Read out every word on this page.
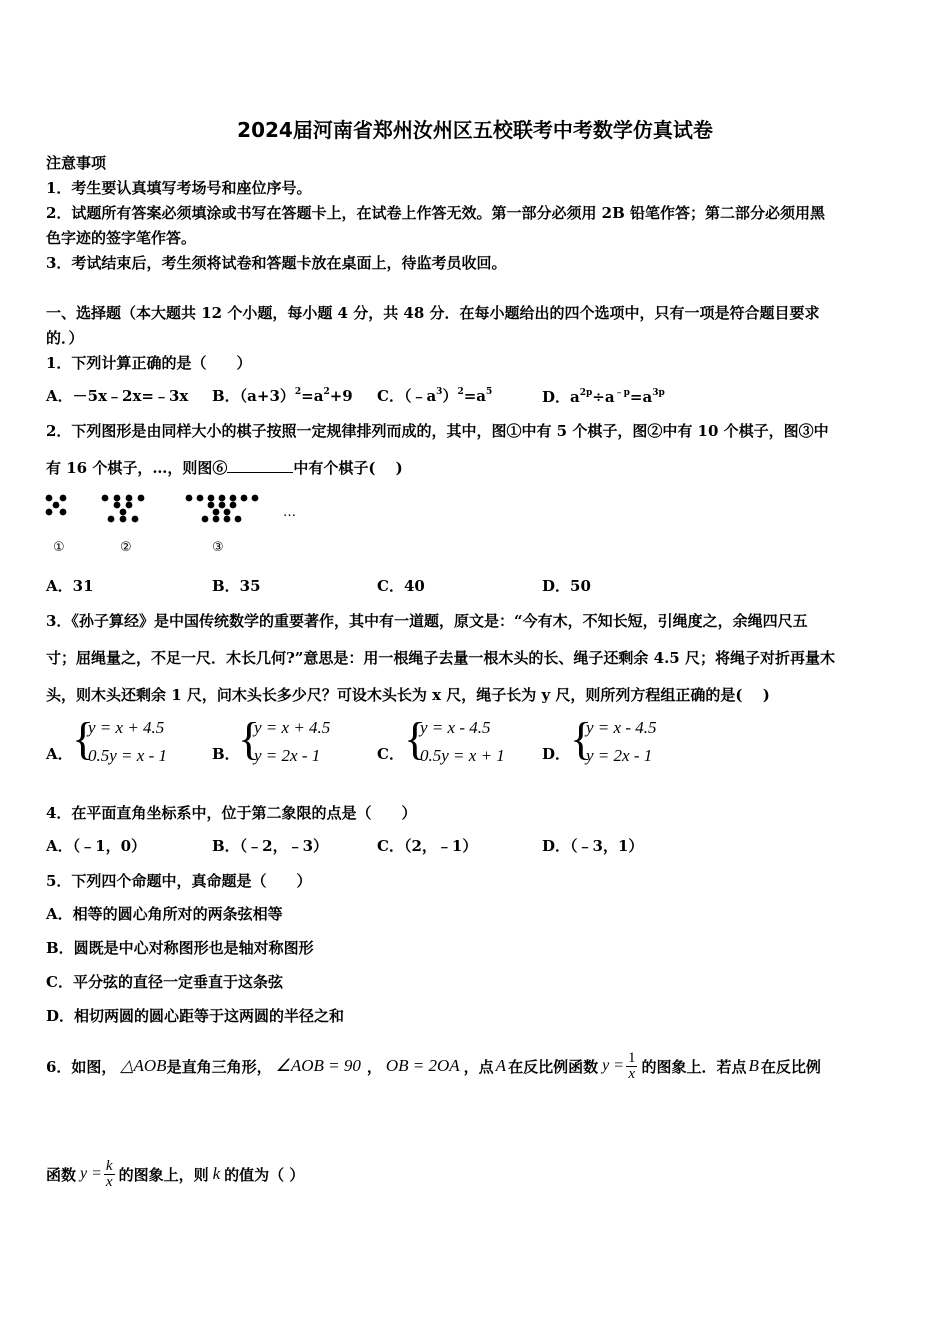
2024届河南省郑州汝州区五校联考中考数学仿真试卷
注意事项
1．考生要认真填写考场号和座位序号。
2．试题所有答案必须填涂或书写在答题卡上，在试卷上作答无效。第一部分必须用 2B 铅笔作答；第二部分必须用黑
色字迹的签字笔作答。
3．考试结束后，考生须将试卷和答题卡放在桌面上，待监考员收回。
一、选择题（本大题共 12 个小题，每小题 4 分，共 48 分．在每小题给出的四个选项中，只有一项是符合题目要求
的．）
1．下列计算正确的是（　　）
A．－5x﹣2x=﹣3x B．$(a+3)^2=a^2+9$ C．$(﹣a^3)^2=a^5$	D．$a^{2p}\div a^{﹣p}=a^{3p}$
2．下列图形是由同样大小的棋子按照一定规律排列而成的，其中，图①中有 5 个棋子，图②中有 10 个棋子，图③中
有 16 个棋子，…，则图⑥	中有个棋子(　 )
…
①	②	③
A．31	B．35	C．40	D．50
3．《孙子算经》是中国传统数学的重要著作，其中有一道题，原文是：“今有木，不知长短，引绳度之，余绳四尺五
寸；屈绳量之，不足一尺．木长几何?”意思是：用一根绳子去量一根木头的长、绳子还剩余 4.5 尺；将绳子对折再量木
头，则木头还剩余 1 尺，问木头长多少尺？可设木头长为 x 尺，绳子长为 y 尺，则所列方程组正确的是(　 )
A． {
y = x + 4.5
0.5y = x - 1	B．
{
y = x + 4.5
y = 2x - 1	C． {
y = x - 4.5
0.5y = x + 1 D． {
y = x - 4.5
y = 2x - 1
4．在平面直角坐标系中，位于第二象限的点是（　　）
A．（﹣1，0）	B．（﹣2，﹣3）	C．（2，﹣1）	D．（﹣3，1）
5．下列四个命题中，真命题是（　　）
A．相等的圆心角所对的两条弦相等
B．圆既是中心对称图形也是轴对称图形
C．平分弦的直径一定垂直于这条弦
D．相切两圆的圆心距等于这两圆的半径之和
6．如图， △AOB 是直角三角形， ∠AOB = 90 ， OB = 2OA ，点 A 在反比例函数 $y = \frac{1}{x}$ 的图象上．若点 B 在反比例
函数 $y = \frac{k}{x}$ 的图象上，则 k 的值为（ ）
